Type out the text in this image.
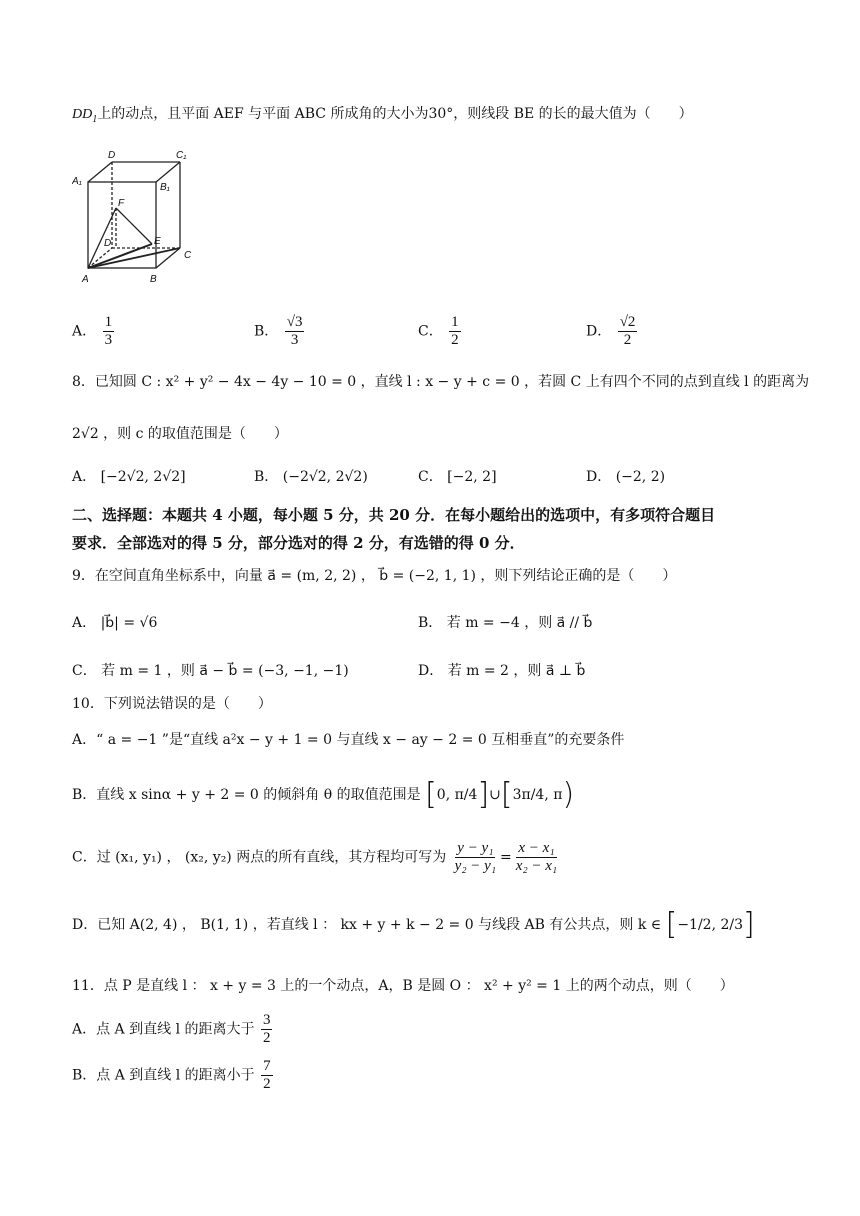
$DD_1$上的动点，且平面 AEF 与平面 ABC 所成角的大小为30°，则线段 BE 的长的最大值为（　　）
D	C₁
A₁
B₁
F
D	E
C
A	B
A． $\frac{1}{3}$	B． $\frac{√3}{3}$	C． $\frac{1}{2}$	D． $\frac{√2}{2}$
8．已知圆 C : x² + y² − 4x − 4y − 10 = 0 ，直线 l : x − y + c = 0 ，若圆 C 上有四个不同的点到直线 l 的距离为
2√2 ，则 c 的取值范围是（　　）
A． [−2√2, 2√2]	B． (−2√2, 2√2)	C． [−2, 2]	D． (−2, 2)
二、选择题：本题共 4 小题，每小题 5 分，共 20 分．在每小题给出的选项中，有多项符合题目
要求．全部选对的得 5 分，部分选对的得 2 分，有选错的得 0 分．
9．在空间直角坐标系中，向量 a⃗ = (m, 2, 2) ， b⃗ = (−2, 1, 1) ，则下列结论正确的是（　　）
A． |b⃗| = √6	B． 若 m = −4 ，则 a⃗ // b⃗
C． 若 m = 1 ，则 a⃗ − b⃗ = (−3, −1, −1)	D． 若 m = 2 ，则 a⃗ ⊥ b⃗
10．下列说法错误的是（　　）
A．“ a = −1 ”是“直线 a²x − y + 1 = 0 与直线 x − ay − 2 = 0 互相垂直”的充要条件
B．直线 x sinα + y + 2 = 0 的倾斜角 θ 的取值范围是 [0, π/4]∪[3π/4, π)
C．过 (x₁, y₁) ， (x₂, y₂) 两点的所有直线，其方程均可写为 $\frac{\text{y − y₁}}{\text{y₂ − y₁}} = \frac{\text{x − x₁}}{\text{x₂ − x₁}}$
D．已知 A(2, 4) ， B(1, 1) ，若直线 l ： kx + y + k − 2 = 0 与线段 AB 有公共点，则 k ∈ [−1/2, 2/3]
11．点 P 是直线 l ： x + y = 3 上的一个动点，A，B 是圆 O ： x² + y² = 1 上的两个动点，则（　　）
A．点 A 到直线 l 的距离大于 $\frac{3}{2}$
B．点 A 到直线 l 的距离小于 $\frac{7}{2}$
